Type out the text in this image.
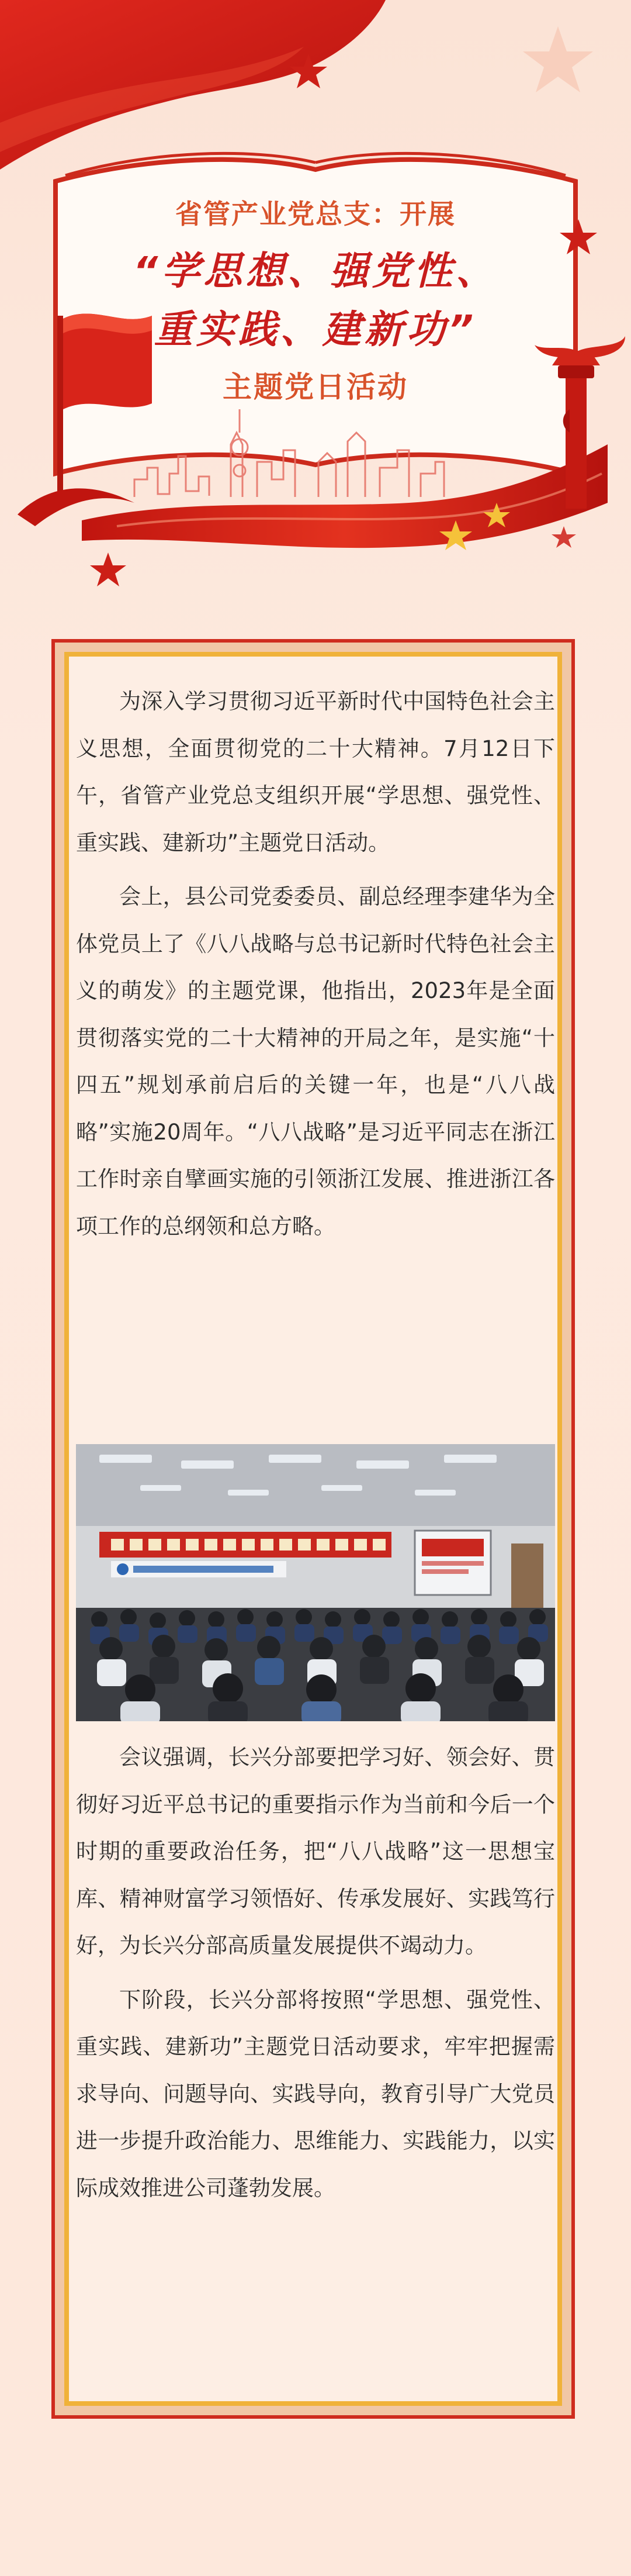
省管产业党总支：开展
“学思想、强党性、
重实践、建新功”
主题党日活动

为深入学习贯彻习近平新时代中国特色社会主义思想，全面贯彻党的二十大精神。7月12日下午，省管产业党总支组织开展“学思想、强党性、重实践、建新功”主题党日活动。

会上，县公司党委委员、副总经理李建华为全体党员上了《八八战略与总书记新时代特色社会主义的萌发》的主题党课，他指出，2023年是全面贯彻落实党的二十大精神的开局之年，是实施“十四五”规划承前启后的关键一年，也是“八八战略”实施20周年。“八八战略”是习近平同志在浙江工作时亲自擘画实施的引领浙江发展、推进浙江各项工作的总纲领和总方略。

会议强调，长兴分部要把学习好、领会好、贯彻好习近平总书记的重要指示作为当前和今后一个时期的重要政治任务，把“八八战略”这一思想宝库、精神财富学习领悟好、传承发展好、实践笃行好，为长兴分部高质量发展提供不竭动力。

下阶段，长兴分部将按照“学思想、强党性、重实践、建新功”主题党日活动要求，牢牢把握需求导向、问题导向、实践导向，教育引导广大党员进一步提升政治能力、思维能力、实践能力，以实际成效推进公司蓬勃发展。
